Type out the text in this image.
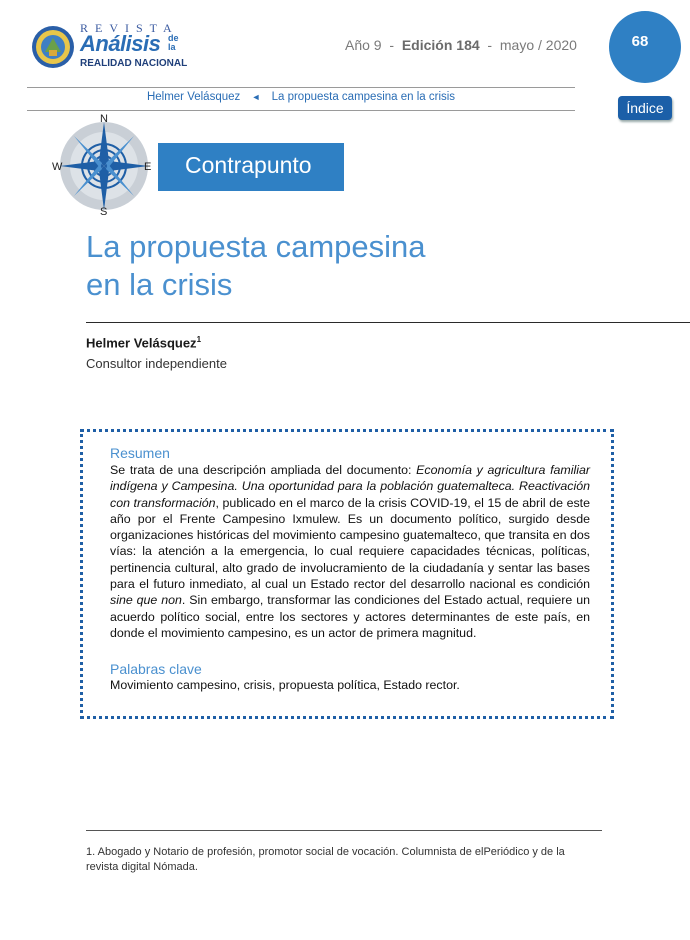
REVISTA
Análisis de la
REALIDAD NACIONAL
Año 9 - Edición 184 - mayo / 2020	68
Índice
Helmer Velásquez ◄ La propuesta campesina en la crisis
N
S
W	E Contrapunto
La propuesta campesina
en la crisis
Helmer Velásquez$^1$
Consultor independiente
Resumen
Se trata de una descripción ampliada del documento: Economía y agricultura familiar indígena y Campesina. Una oportunidad para la población guatemalteca. Reactivación con transformación, publicado en el marco de la crisis COVID-19, el 15 de abril de este año por el Frente Campesino Ixmulew. Es un documento político, surgido desde organizaciones históricas del movimiento campesino guatemalteco, que transita en dos vías: la atención a la emergencia, lo cual requiere capacidades técnicas, políticas, pertinencia cultural, alto grado de involucramiento de la ciudadanía y sentar las bases para el futuro inmediato, al cual un Estado rector del desarrollo nacional es condición sine que non. Sin embargo, transformar las condiciones del Estado actual, requiere un acuerdo político social, entre los sectores y actores determinantes de este país, en donde el movimiento campesino, es un actor de primera magnitud.
Palabras clave
Movimiento campesino, crisis, propuesta política, Estado rector.
1. Abogado y Notario de profesión, promotor social de vocación. Columnista de elPeriódico y de la revista digital Nómada.
